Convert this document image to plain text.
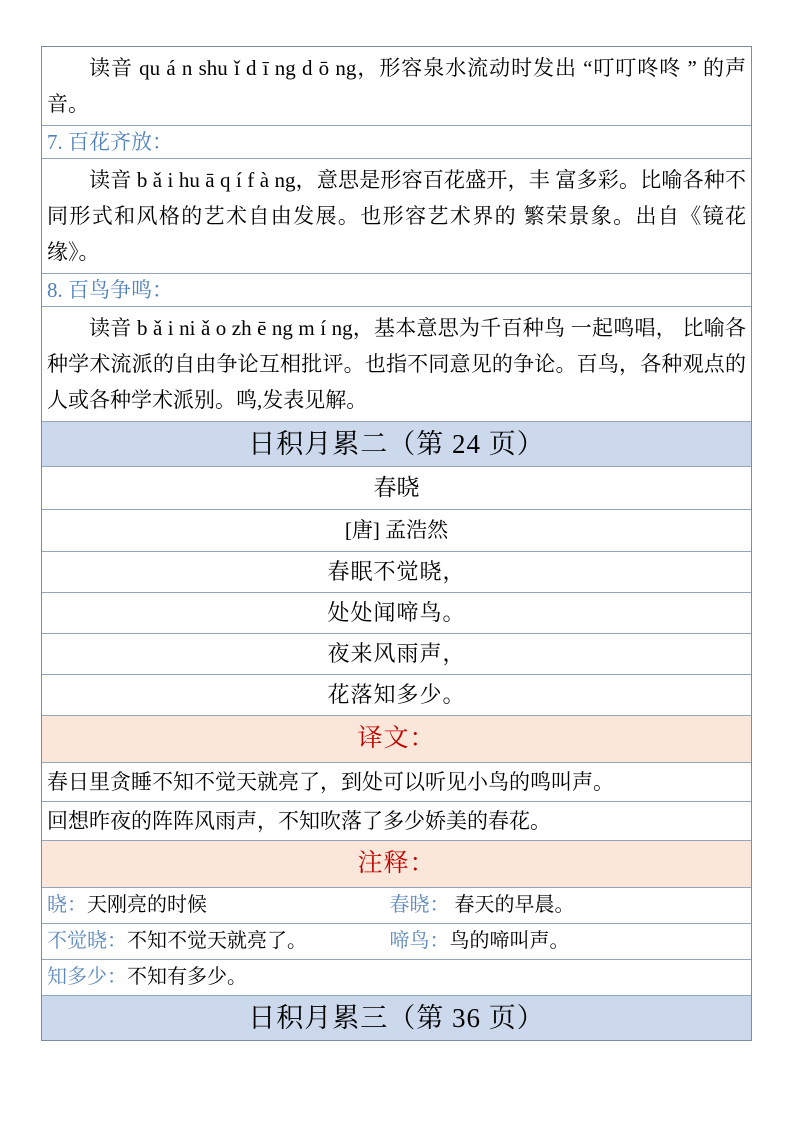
读音 qu á n shu ǐ d ī ng d ō ng，形容泉水流动时发出 “叮叮咚咚 ” 的声音。
7. 百花齐放：
读音 b ǎ i hu ā q í f à ng，意思是形容百花盛开，丰 富多彩。比喻各种不同形式和风格的艺术自由发展。也形容艺术界的 繁荣景象。出自《镜花缘》。
8. 百鸟争鸣：
读音 b ǎ i ni ǎ o zh ē ng m í ng，基本意思为千百种鸟 一起鸣唱， 比喻各种学术流派的自由争论互相批评。也指不同意见的争论。百鸟，各种观点的人或各种学术派别。鸣,发表见解。
日积月累二（第 24 页）
春晓
[唐] 孟浩然
春眠不觉晓，
处处闻啼鸟。
夜来风雨声，
花落知多少。
译文：
春日里贪睡不知不觉天就亮了，到处可以听见小鸟的鸣叫声。
回想昨夜的阵阵风雨声，不知吹落了多少娇美的春花。
注释：
晓：天刚亮的时候	春晓： 春天的早晨。
不觉晓：不知不觉天就亮了。	啼鸟：鸟的啼叫声。
知多少：不知有多少。
日积月累三（第 36 页）
